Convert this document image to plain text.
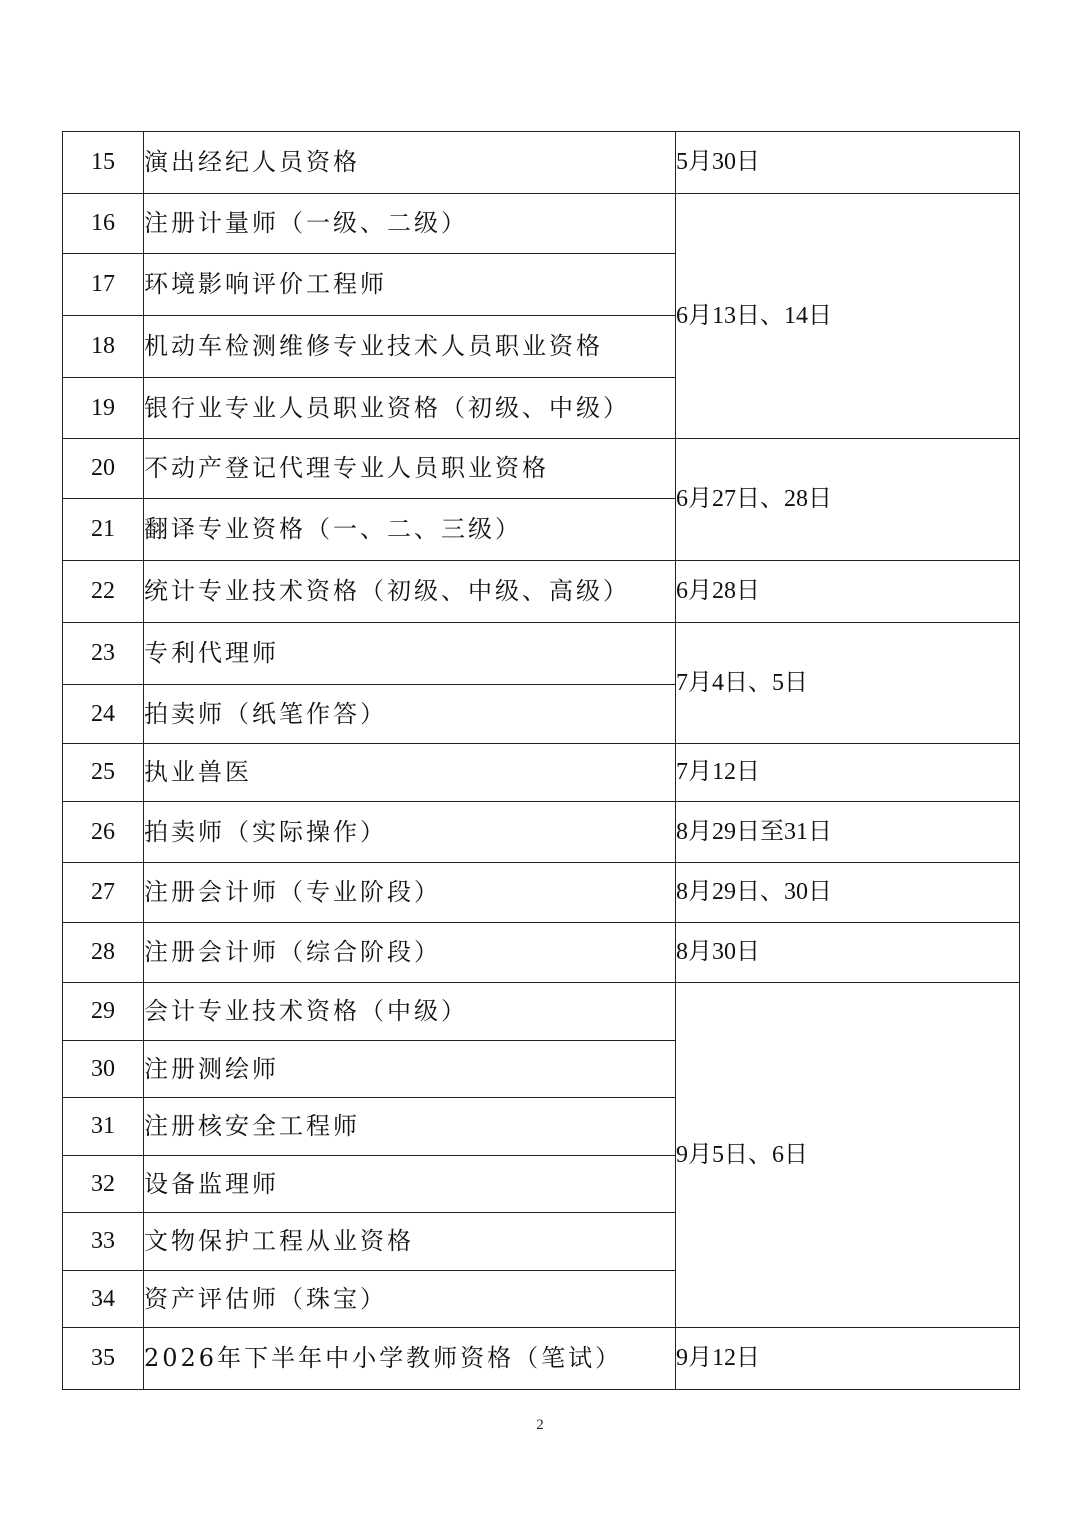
15	演出经纪人员资格	5月30日
16	注册计量师（一级、二级）	6月13日、14日
17	环境影响评价工程师	
18	机动车检测维修专业技术人员职业资格	
19	银行业专业人员职业资格（初级、中级）	
20	不动产登记代理专业人员职业资格	6月27日、28日
21	翻译专业资格（一、二、三级）	
22	统计专业技术资格（初级、中级、高级）	6月28日
23	专利代理师	7月4日、5日
24	拍卖师（纸笔作答）	
25	执业兽医	7月12日
26	拍卖师（实际操作）	8月29日至31日
27	注册会计师（专业阶段）	8月29日、30日
28	注册会计师（综合阶段）	8月30日
29	会计专业技术资格（中级）	9月5日、6日
30	注册测绘师	
31	注册核安全工程师	
32	设备监理师	
33	文物保护工程从业资格	
34	资产评估师（珠宝）	
35	2026年下半年中小学教师资格（笔试）	9月12日
2
